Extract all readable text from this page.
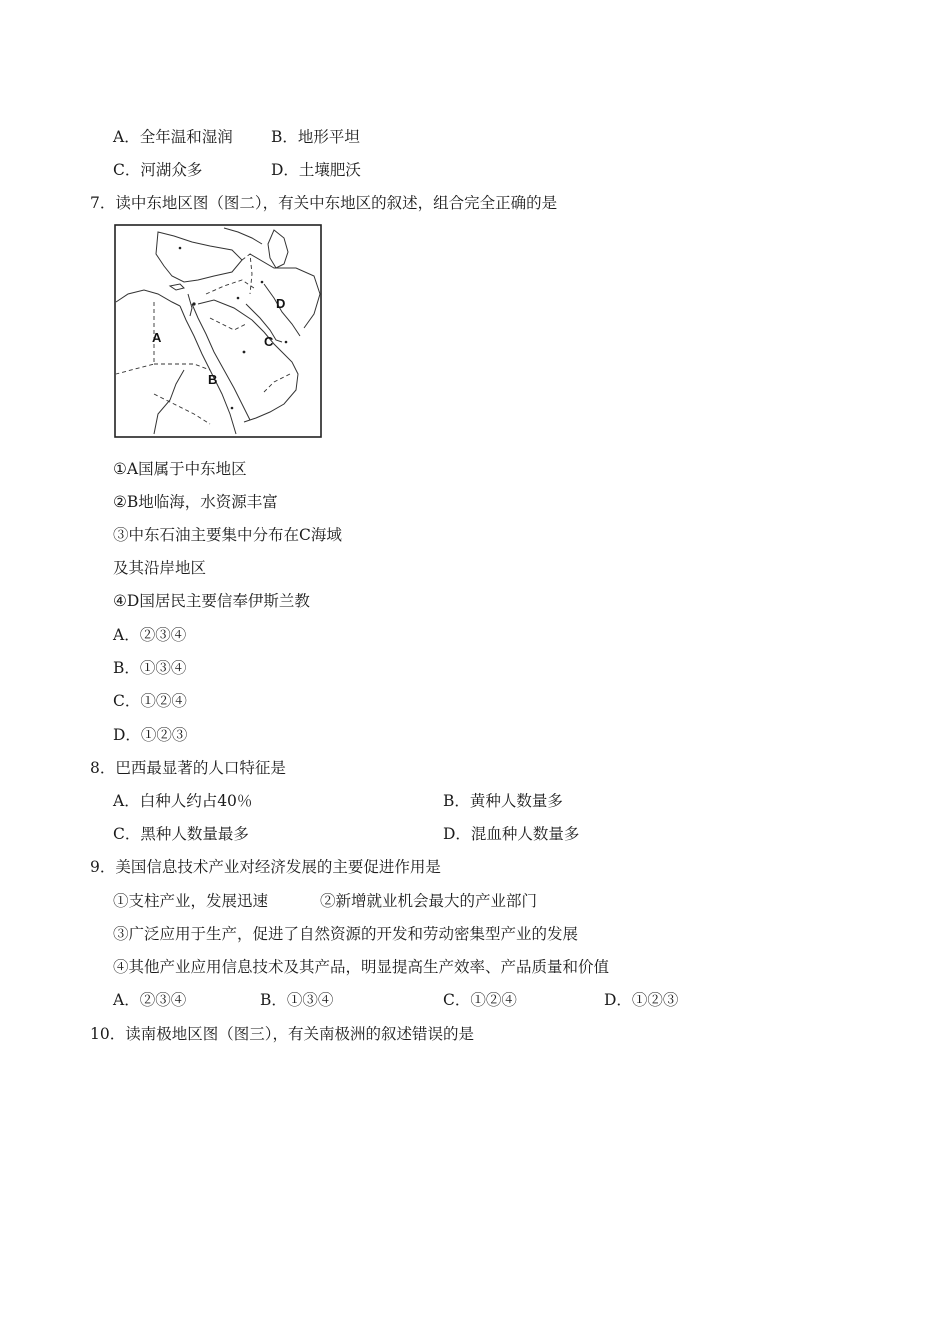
A．全年温和湿润 B．地形平坦
C．河湖众多	D．土壤肥沃
7．读中东地区图（图二），有关中东地区的叙述，组合完全正确的是
A
B
C
D
①A国属于中东地区
②B地临海，水资源丰富
③中东石油主要集中分布在C海域
及其沿岸地区
④D国居民主要信奉伊斯兰教
A．②③④
B．①③④
C．①②④
D．①②③
8．巴西最显著的人口特征是
A．白种人约占40％	B．黄种人数量多
C．黑种人数量最多	D．混血种人数量多
9．美国信息技术产业对经济发展的主要促进作用是
①支柱产业，发展迅速	②新增就业机会最大的产业部门
③广泛应用于生产，促进了自然资源的开发和劳动密集型产业的发展
④其他产业应用信息技术及其产品，明显提高生产效率、产品质量和价值
A．②③④	B．①③④	C．①②④	D．①②③
10．读南极地区图（图三），有关南极洲的叙述错误的是
